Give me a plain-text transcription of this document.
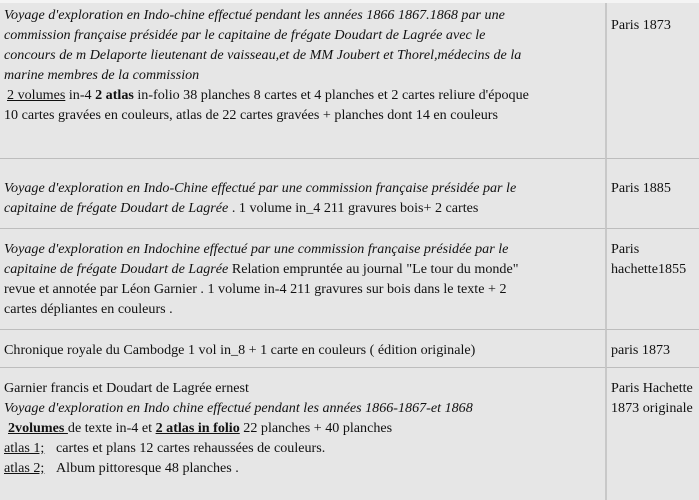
Voyage d'exploration en Indo-chine effectué pendant les années 1866 1867.1868 par une
commission française présidée par le capitaine de frégate Doudart de Lagrée avec le
concours de m Delaporte lieutenant de vaisseau,et de MM Joubert et Thorel,médecins de la
marine membres de la commission
2 volumes in-4 2 atlas in-folio 38 planches 8 cartes et 4 planches et 2 cartes reliure d'époque
10 cartes gravées en couleurs, atlas de 22 cartes gravées + planches dont 14 en couleurs
Paris 1873
Voyage d'exploration en Indo-Chine effectué par une commission française présidée par le
capitaine de frégate Doudart de Lagrée . 1 volume in_4 211 gravures bois+ 2 cartes
Paris 1885
Voyage d'exploration en Indochine effectué par une commission française présidée par le
capitaine de frégate Doudart de Lagrée Relation empruntée au journal "Le tour du monde"
revue et annotée par Léon Garnier . 1 volume in-4 211 gravures sur bois dans le texte + 2
cartes dépliantes en couleurs .
Paris
hachette1855
Chronique royale du Cambodge 1 vol in_8 + 1 carte en couleurs ( édition originale)	paris 1873
Garnier francis et Doudart de Lagrée ernest
Voyage d'exploration en Indo chine effectué pendant les années 1866-1867-et 1868
2volumes de texte in-4 et 2 atlas in folio 22 planches + 40 planches
atlas 1; cartes et plans 12 cartes rehaussées de couleurs.
atlas 2; Album pittoresque 48 planches .
Paris Hachette
1873 originale
